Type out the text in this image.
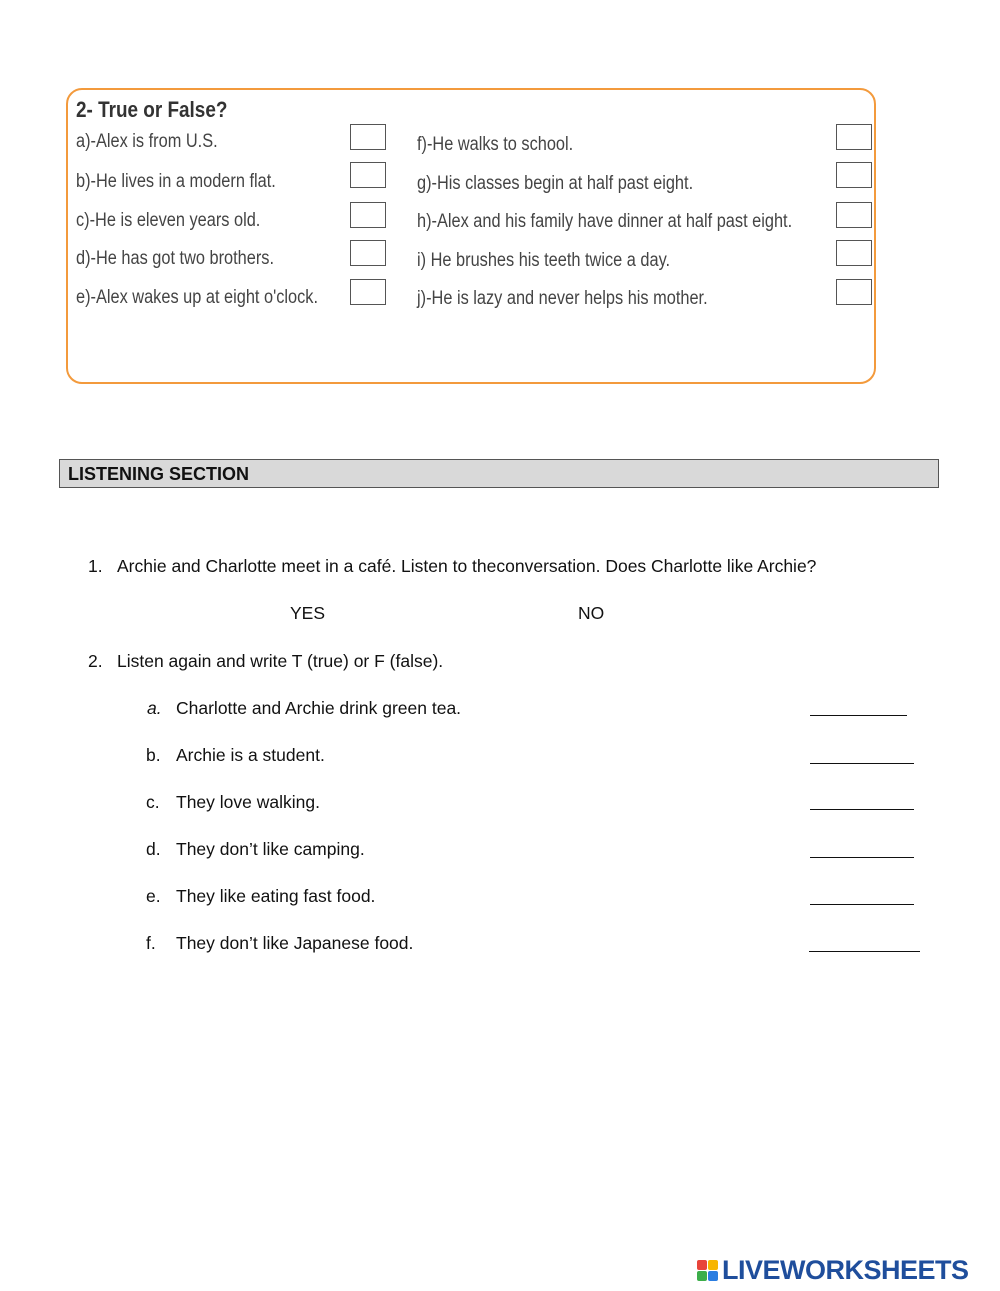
2- True or False?
a)-Alex is from U.S.
b)-He lives in a modern flat.
c)-He is eleven years old.
d)-He has got two brothers.
e)-Alex wakes up at eight o'clock.
f)-He walks to school.
g)-His classes begin at half past eight.
h)-Alex and his family have dinner at half past eight.
i) He brushes his teeth twice a day.
j)-He is lazy and never helps his mother.
LISTENING SECTION
1. Archie and Charlotte meet in a café. Listen to theconversation. Does Charlotte like Archie?
YES	NO
2. Listen again and write T (true) or F (false).
a. Charlotte and Archie drink green tea.
b. Archie is a student.
c. They love walking.
d. They don’t like camping.
e. They like eating fast food.
f. They don’t like Japanese food.
LIVEWORKSHEETS
